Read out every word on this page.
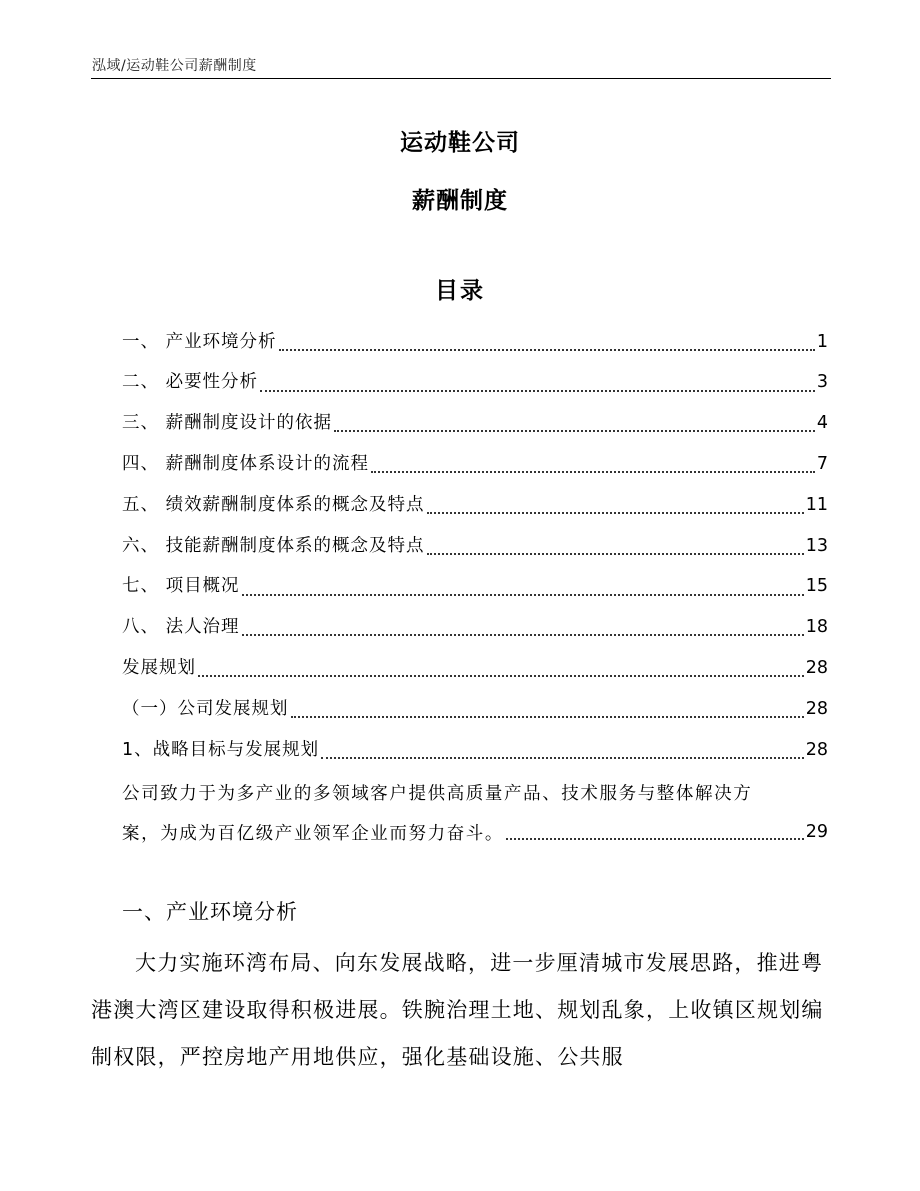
泓域/运动鞋公司薪酬制度
运动鞋公司
薪酬制度
目录
一、 产业环境分析	1
二、 必要性分析	3
三、 薪酬制度设计的依据	4
四、 薪酬制度体系设计的流程	7
五、 绩效薪酬制度体系的概念及特点	11
六、 技能薪酬制度体系的概念及特点	13
七、 项目概况	15
八、 法人治理	18
发展规划	28
（一）公司发展规划	28
1、战略目标与发展规划	28
公司致力于为多产业的多领域客户提供高质量产品、技术服务与整体解决方
案，为成为百亿级产业领军企业而努力奋斗。	29
一、产业环境分析

大力实施环湾布局、向东发展战略，进一步厘清城市发展思路，推进粤港澳大湾区建设取得积极进展。铁腕治理土地、规划乱象，上收镇区规划编制权限，严控房地产用地供应，强化基础设施、公共服
